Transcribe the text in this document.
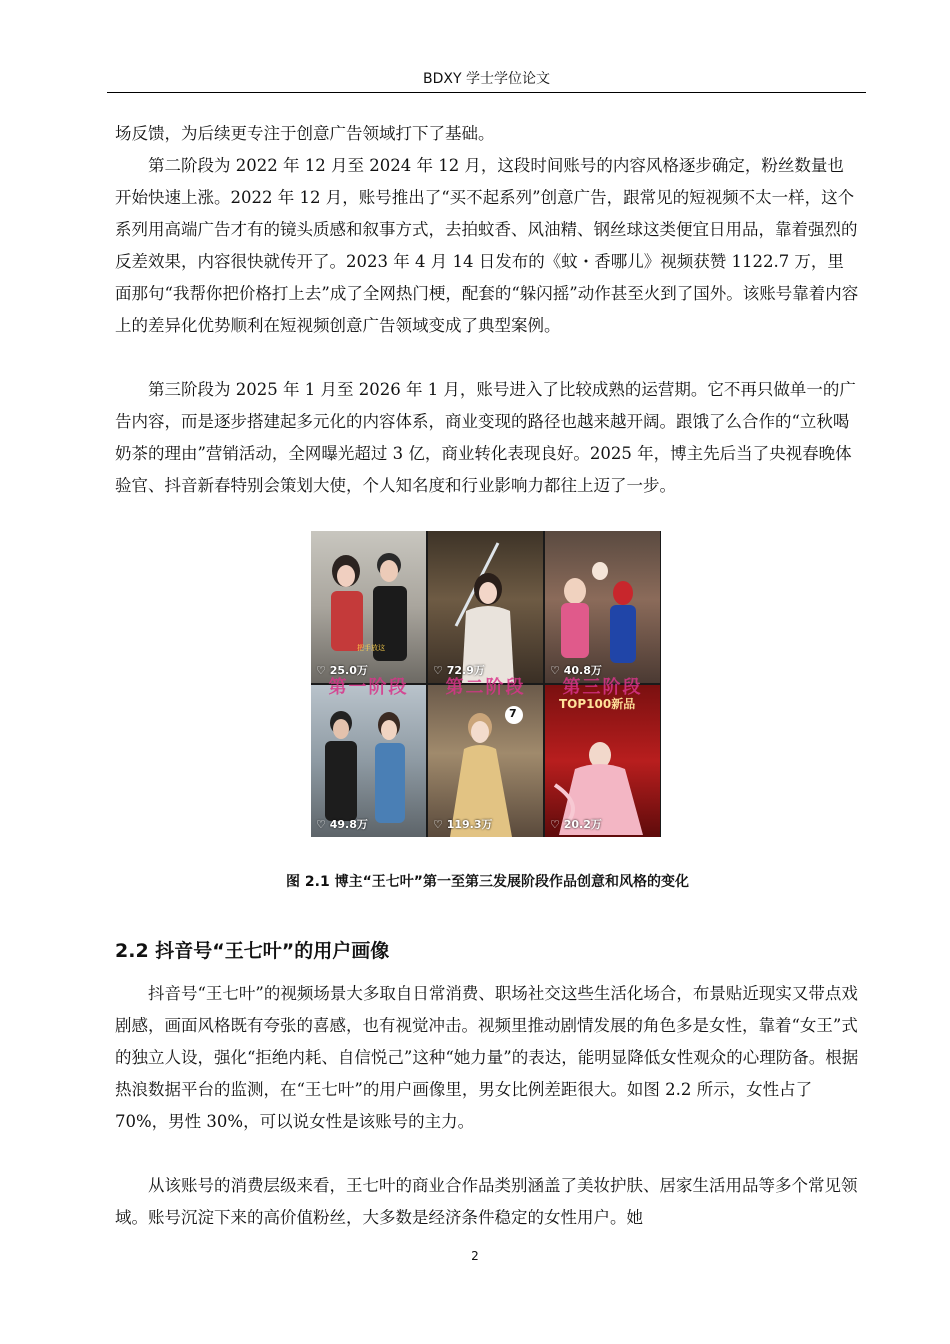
BDXY 学士学位论文

场反馈，为后续更专注于创意广告领域打下了基础。

第二阶段为 2022 年 12 月至 2024 年 12 月，这段时间账号的内容风格逐步确定，粉丝数量也开始快速上涨。2022 年 12 月，账号推出了“买不起系列”创意广告，跟常见的短视频不太一样，这个系列用高端广告才有的镜头质感和叙事方式，去拍蚊香、风油精、钢丝球这类便宜日用品，靠着强烈的反差效果，内容很快就传开了。2023 年 4 月 14 日发布的《蚊・香哪儿》视频获赞 1122.7 万，里面那句“我帮你把价格打上去”成了全网热门梗，配套的“躲闪摇”动作甚至火到了国外。该账号靠着内容上的差异化优势顺利在短视频创意广告领域变成了典型案例。

第三阶段为 2025 年 1 月至 2026 年 1 月，账号进入了比较成熟的运营期。它不再只做单一的广告内容，而是逐步搭建起多元化的内容体系，商业变现的路径也越来越开阔。跟饿了么合作的“立秋喝奶茶的理由”营销活动，全网曝光超过 3 亿，商业转化表现良好。2025 年，博主先后当了央视春晚体验官、抖音新春特别会策划大使，个人知名度和行业影响力都往上迈了一步。

把手放这
♡ 25.0万	♡ 72.9万	♡ 40.8万
♡ 49.8万
7
♡ 119.3万
TOP100新品
♡ 20.2万
第一阶段	第二阶段	第三阶段
图 2.1 博主“王七叶”第一至第三发展阶段作品创意和风格的变化
2.2 抖音号“王七叶”的用户画像

抖音号“王七叶”的视频场景大多取自日常消费、职场社交这些生活化场合，布景贴近现实又带点戏剧感，画面风格既有夸张的喜感，也有视觉冲击。视频里推动剧情发展的角色多是女性，靠着“女王”式的独立人设，强化“拒绝内耗、自信悦己”这种“她力量”的表达，能明显降低女性观众的心理防备。根据热浪数据平台的监测，在“王七叶”的用户画像里，男女比例差距很大。如图 2.2 所示，女性占了 70%，男性 30%，可以说女性是该账号的主力。

从该账号的消费层级来看，王七叶的商业合作品类别涵盖了美妆护肤、居家生活用品等多个常见领域。账号沉淀下来的高价值粉丝，大多数是经济条件稳定的女性用户。她

2
